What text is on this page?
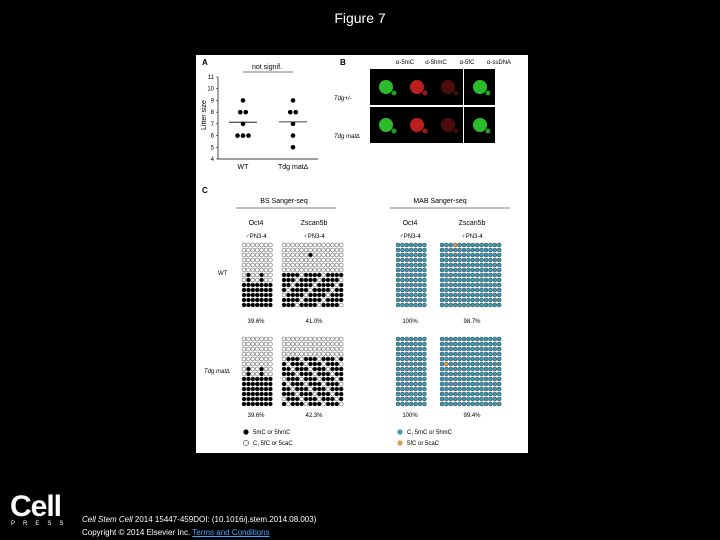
Figure 7
A
not signif.
Litter size
11
10
9
8
7
6
5
4
WT	Tdg mat∆
B	α-5mC α-5hmC α-5fC α-ssDNA
Tdg+/-
Tdg mat∆
C
BS Sanger-seq	MAB Sanger-seq
Oct4	Zscan5b	Oct4	Zscan5b
♂PN3-4	♀PN3-4	♂PN3-4	♀PN3-4
WT
Tdg mat∆
39.6%	41.0%	100%	98.7%
39.6%	42.3%	100%	99.4%
5mC or 5hmC
C, 5fC or 5caC
C, 5mC or 5hmC
5fC or 5caC
Cell
PRESS Cell Stem Cell 2014 15447-459DOI: (10.1016/j.stem.2014.08.003)
Copyright © 2014 Elsevier Inc. Terms and Conditions
